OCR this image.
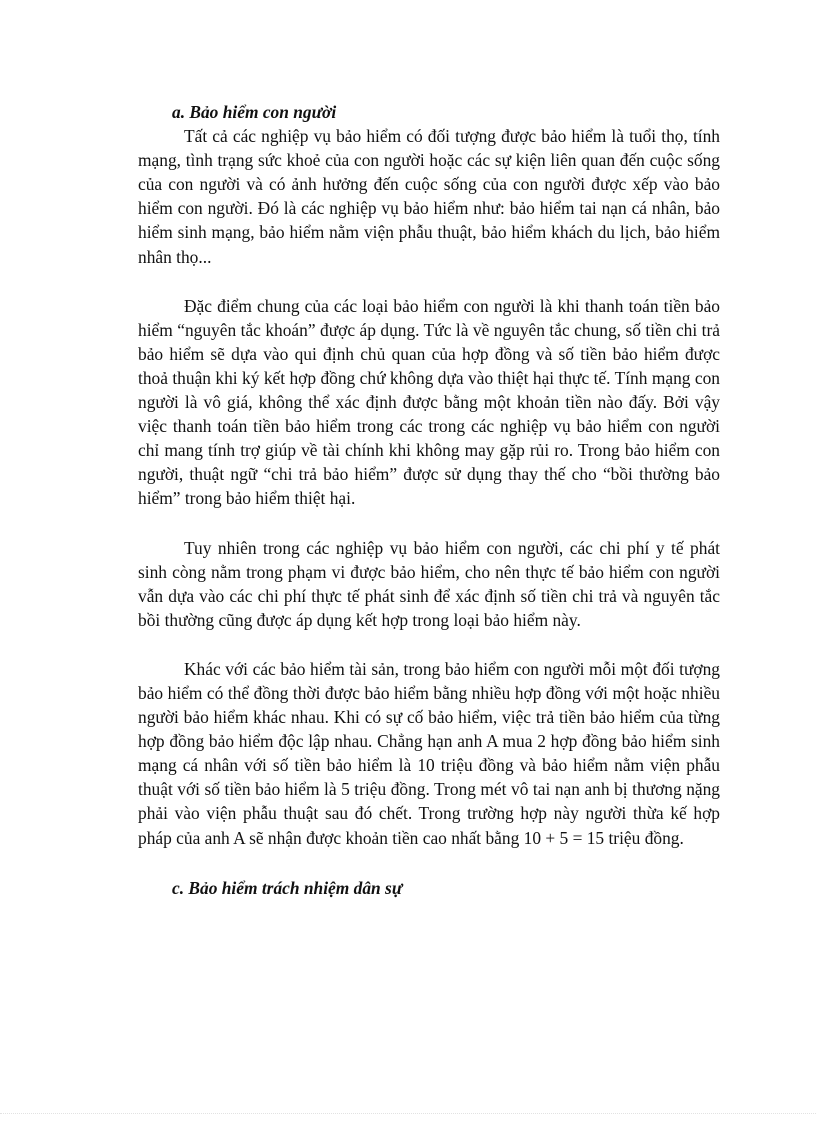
a. Bảo hiểm con người

Tất cả các nghiệp vụ bảo hiểm có đối tượng được bảo hiểm là tuổi thọ, tính mạng, tình trạng sức khoẻ của con người hoặc các sự kiện liên quan đến cuộc sống của con người và có ảnh hưởng đến cuộc sống của con người được xếp vào bảo hiểm con người. Đó là các nghiệp vụ bảo hiểm như: bảo hiểm tai nạn cá nhân, bảo hiểm sinh mạng, bảo hiểm nằm viện phẫu thuật, bảo hiểm khách du lịch, bảo hiểm nhân thọ...

Đặc điểm chung của các loại bảo hiểm con người là khi thanh toán tiền bảo hiểm “nguyên tắc khoán” được áp dụng. Tức là về nguyên tắc chung, số tiền chi trả bảo hiểm sẽ dựa vào qui định chủ quan của hợp đồng và số tiền bảo hiểm được thoả thuận khi ký kết hợp đồng chứ không dựa vào thiệt hại thực tế. Tính mạng con người là vô giá, không thể xác định được bằng một khoản tiền nào đấy. Bởi vậy việc thanh toán tiền bảo hiểm trong các trong các nghiệp vụ bảo hiểm con người chỉ mang tính trợ giúp về tài chính khi không may gặp rủi ro. Trong bảo hiểm con người, thuật ngữ “chi trả bảo hiểm” được sử dụng thay thế cho “bồi thường bảo hiểm” trong bảo hiểm thiệt hại.

Tuy nhiên trong các nghiệp vụ bảo hiểm con người, các chi phí y tế phát sinh còng nằm trong phạm vi được bảo hiểm, cho nên thực tế bảo hiểm con người vẫn dựa vào các chi phí thực tế phát sinh để xác định số tiền chi trả và nguyên tắc bồi thường cũng được áp dụng kết hợp trong loại bảo hiểm này.

Khác với các bảo hiểm tài sản, trong bảo hiểm con người mỗi một đối tượng bảo hiểm có thể đồng thời được bảo hiểm bằng nhiều hợp đồng với một hoặc nhiều người bảo hiểm khác nhau. Khi có sự cố bảo hiểm, việc trả tiền bảo hiểm của từng hợp đồng bảo hiểm độc lập nhau. Chẳng hạn anh A mua 2 hợp đồng bảo hiểm sinh mạng cá nhân với số tiền bảo hiểm là 10 triệu đồng và bảo hiểm nằm viện phẫu thuật với số tiền bảo hiểm là 5 triệu đồng. Trong mét vô tai nạn anh bị thương nặng phải vào viện phẫu thuật sau đó chết. Trong trường hợp này người thừa kế hợp pháp của anh A sẽ nhận được khoản tiền cao nhất bằng 10 + 5 = 15 triệu đồng.

c. Bảo hiểm trách nhiệm dân sự
